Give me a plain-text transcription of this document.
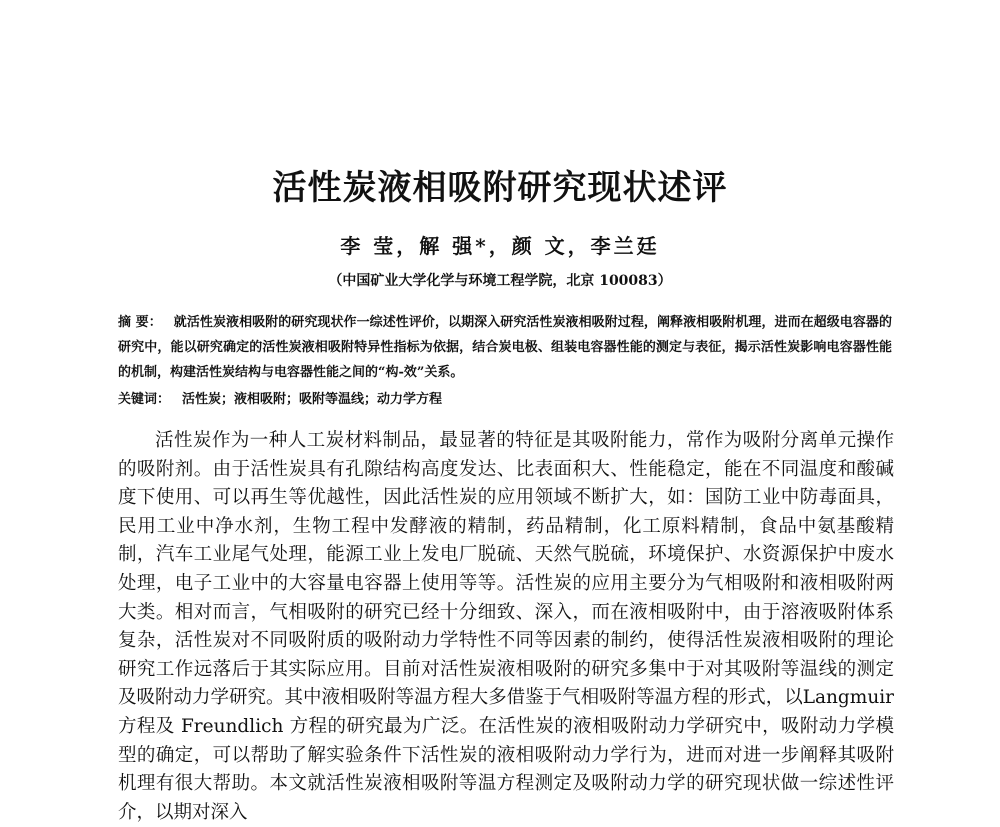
活性炭液相吸附研究现状述评
李 莹，解 强*，颜 文，李兰廷
（中国矿业大学化学与环境工程学院，北京 100083）
摘 要： 就活性炭液相吸附的研究现状作一综述性评价，以期深入研究活性炭液相吸附过程，阐释液相吸附机理，进而在超级电容器的研究中，能以研究确定的活性炭液相吸附特异性指标为依据，结合炭电极、组装电容器性能的测定与表征，揭示活性炭影响电容器性能的机制，构建活性炭结构与电容器性能之间的“构-效”关系。
关键词： 活性炭；液相吸附；吸附等温线；动力学方程
活性炭作为一种人工炭材料制品，最显著的特征是其吸附能力，常作为吸附分离单元操作的吸附剂。由于活性炭具有孔隙结构高度发达、比表面积大、性能稳定，能在不同温度和酸碱度下使用、可以再生等优越性，因此活性炭的应用领域不断扩大，如：国防工业中防毒面具，民用工业中净水剂，生物工程中发酵液的精制，药品精制，化工原料精制，食品中氨基酸精制，汽车工业尾气处理，能源工业上发电厂脱硫、天然气脱硫，环境保护、水资源保护中废水处理，电子工业中的大容量电容器上使用等等。活性炭的应用主要分为气相吸附和液相吸附两大类。相对而言，气相吸附的研究已经十分细致、深入，而在液相吸附中，由于溶液吸附体系复杂，活性炭对不同吸附质的吸附动力学特性不同等因素的制约，使得活性炭液相吸附的理论研究工作远落后于其实际应用。目前对活性炭液相吸附的研究多集中于对其吸附等温线的测定及吸附动力学研究。其中液相吸附等温方程大多借鉴于气相吸附等温方程的形式，以Langmuir 方程及 Freundlich 方程的研究最为广泛。在活性炭的液相吸附动力学研究中，吸附动力学模型的确定，可以帮助了解实验条件下活性炭的液相吸附动力学行为，进而对进一步阐释其吸附机理有很大帮助。本文就活性炭液相吸附等温方程测定及吸附动力学的研究现状做一综述性评介，以期对深入
